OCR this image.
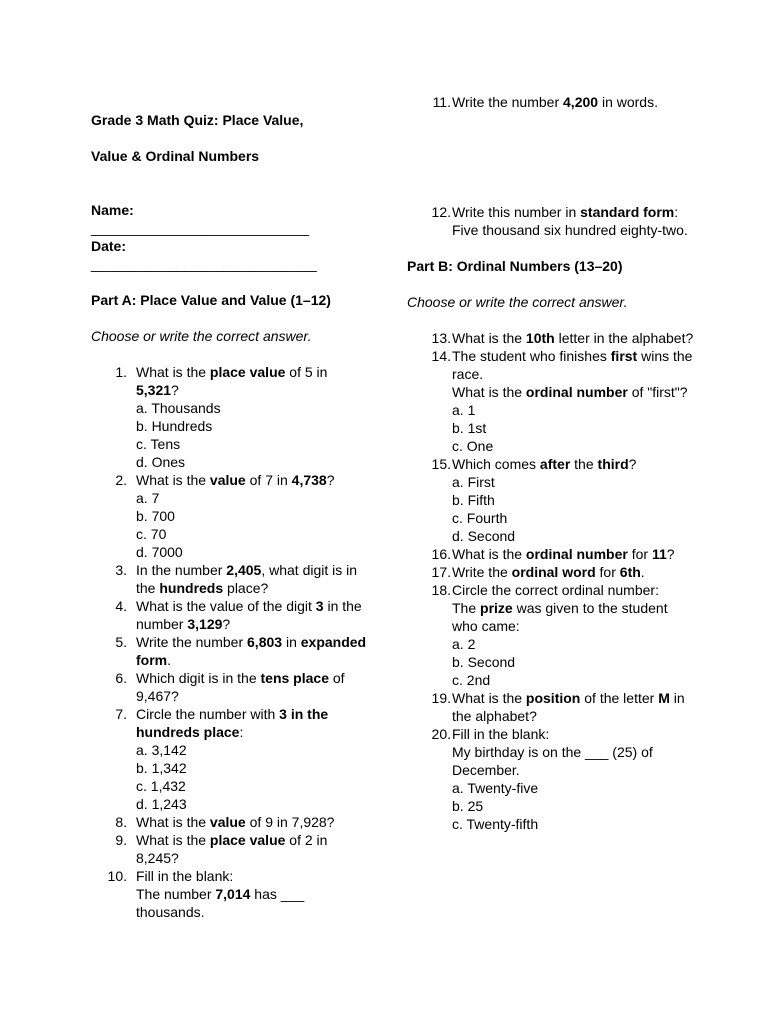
Grade 3 Math Quiz: Place Value,

Value & Ordinal Numbers

Name:
____________________________
Date:
_____________________________
Part A: Place Value and Value (1–12)
Choose or write the correct answer.
1. What is the place value of 5 in 5,321?
a. Thousands
b. Hundreds
c. Tens
d. Ones
2. What is the value of 7 in 4,738?
a. 7
b. 700
c. 70
d. 7000
3. In the number 2,405, what digit is in the hundreds place?
4. What is the value of the digit 3 in the number 3,129?
5. Write the number 6,803 in expanded form.
6. Which digit is in the tens place of 9,467?
7. Circle the number with 3 in the hundreds place:
a. 3,142
b. 1,342
c. 1,432
d. 1,243
8. What is the value of 9 in 7,928?
9. What is the place value of 2 in 8,245?
10. Fill in the blank:
The number 7,014 has ___ thousands.
11. Write the number 4,200 in words.
12. Write this number in standard form:
Five thousand six hundred eighty-two.
Part B: Ordinal Numbers (13–20)
Choose or write the correct answer.
13. What is the 10th letter in the alphabet?
14. The student who finishes first wins the race.
What is the ordinal number of "first"?
a. 1
b. 1st
c. One
15. Which comes after the third?
a. First
b. Fifth
c. Fourth
d. Second
16. What is the ordinal number for 11?
17. Write the ordinal word for 6th.
18. Circle the correct ordinal number:
The prize was given to the student who came:
a. 2
b. Second
c. 2nd
19. What is the position of the letter M in the alphabet?
20. Fill in the blank:
My birthday is on the ___ (25) of December.
a. Twenty-five
b. 25
c. Twenty-fifth
